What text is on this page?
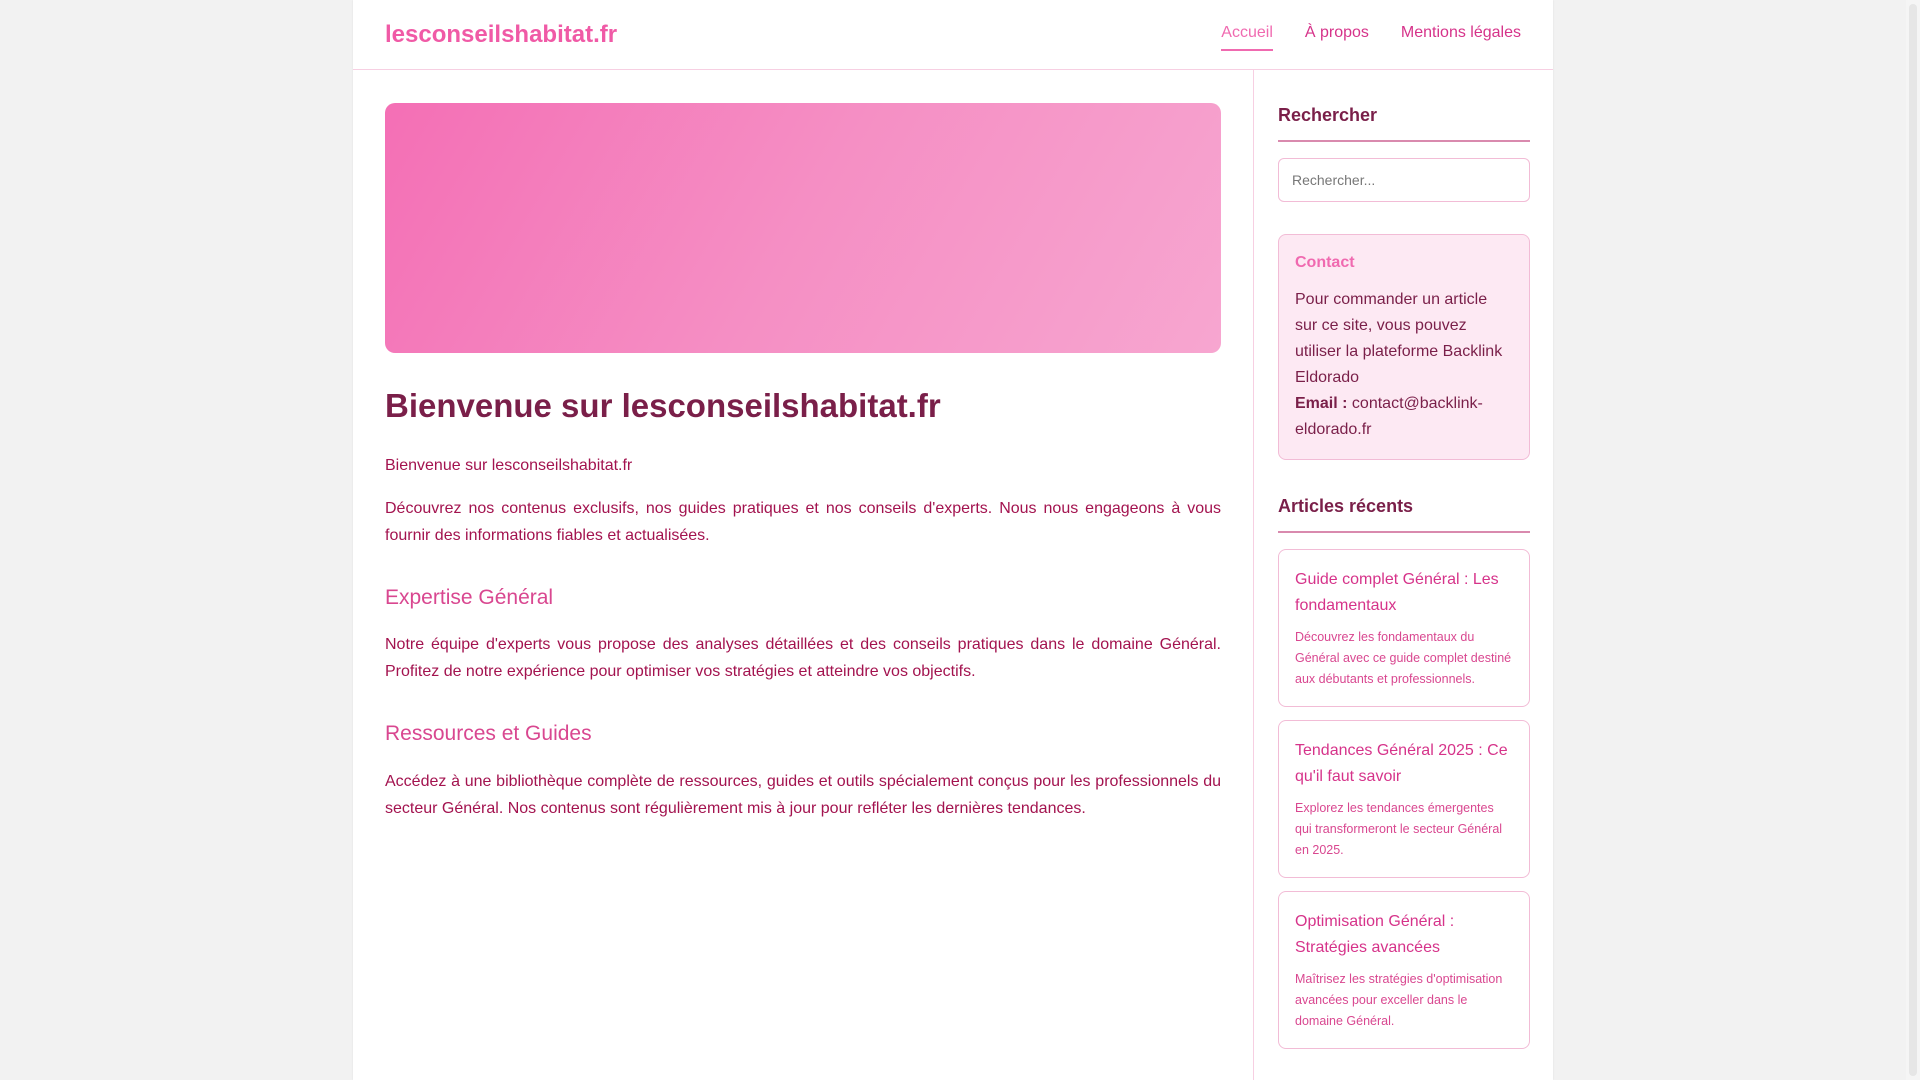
lesconseilshabitat.fr	Accueil À propos Mentions légales
Bienvenue sur lesconseilshabitat.fr

Bienvenue sur lesconseilshabitat.fr

Découvrez nos contenus exclusifs, nos guides pratiques et nos conseils d'experts. Nous nous engageons à vous fournir des informations fiables et actualisées.

Expertise Général

Notre équipe d'experts vous propose des analyses détaillées et des conseils pratiques dans le domaine Général. Profitez de notre expérience pour optimiser vos stratégies et atteindre vos objectifs.

Ressources et Guides

Accédez à une bibliothèque complète de ressources, guides et outils spécialement conçus pour les professionnels du secteur Général. Nos contenus sont régulièrement mis à jour pour refléter les dernières tendances.

Rechercher
Rechercher...
Contact
Pour commander un article sur ce site, vous pouvez utiliser la plateforme Backlink Eldorado
Email : contact@backlink-eldorado.fr
Articles récents
Guide complet Général : Les fondamentaux
Découvrez les fondamentaux du Général avec ce guide complet destiné aux débutants et professionnels.
Tendances Général 2025 : Ce qu'il faut savoir
Explorez les tendances émergentes qui transformeront le secteur Général en 2025.
Optimisation Général : Stratégies avancées
Maîtrisez les stratégies d'optimisation avancées pour exceller dans le domaine Général.
